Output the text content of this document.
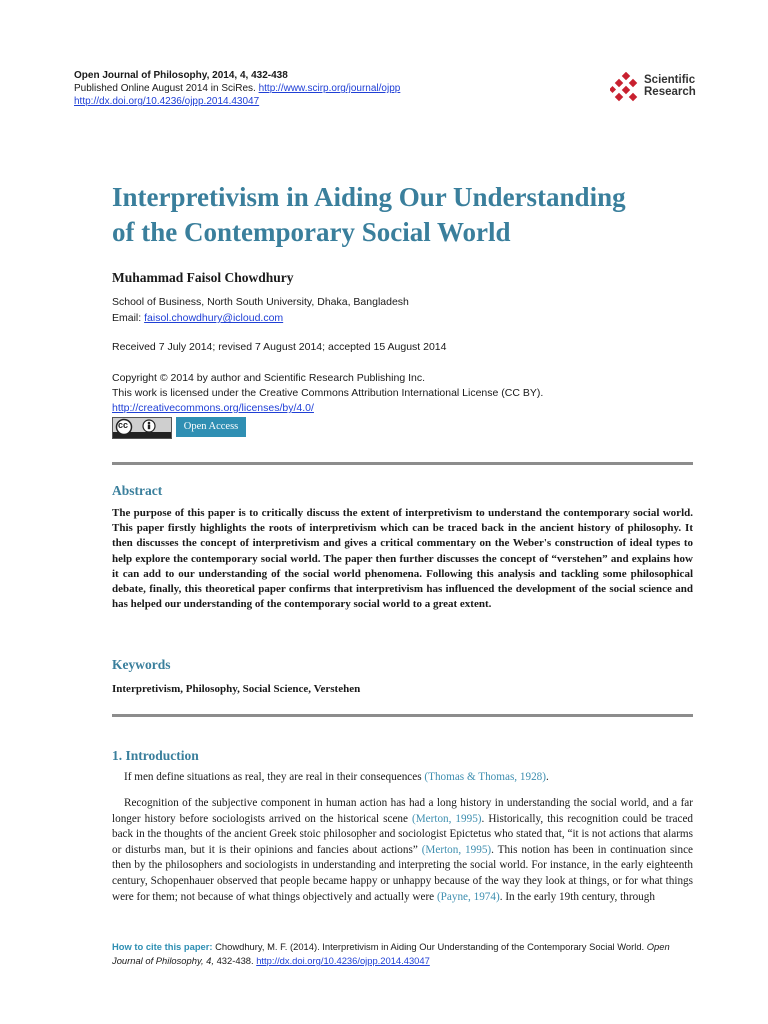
Open Journal of Philosophy, 2014, 4, 432-438
Published Online August 2014 in SciRes. http://www.scirp.org/journal/ojpp
http://dx.doi.org/10.4236/ojpp.2014.43047
Scientific
Research
Interpretivism in Aiding Our Understanding
of the Contemporary Social World
Muhammad Faisol Chowdhury
School of Business, North South University, Dhaka, Bangladesh
Email: faisol.chowdhury@icloud.com
Received 7 July 2014; revised 7 August 2014; accepted 15 August 2014
Copyright © 2014 by author and Scientific Research Publishing Inc.
This work is licensed under the Creative Commons Attribution International License (CC BY).
http://creativecommons.org/licenses/by/4.0/
cc	Open Access
Abstract
The purpose of this paper is to critically discuss the extent of interpretivism to understand the contemporary social world. This paper firstly highlights the roots of interpretivism which can be traced back in the ancient history of philosophy. It then discusses the concept of interpretivism and gives a critical commentary on the Weber's construction of ideal types to help explore the contemporary social world. The paper then further discusses the concept of “verstehen” and explains how it can add to our understanding of the social world phenomena. Following this analysis and tackling some philosophical debate, finally, this theoretical paper confirms that interpretivism has influenced the development of the social science and has helped our understanding of the contemporary social world to a great extent.
Keywords
Interpretivism, Philosophy, Social Science, Verstehen
1. Introduction
If men define situations as real, they are real in their consequences (Thomas & Thomas, 1928).
Recognition of the subjective component in human action has had a long history in understanding the social world, and a far longer history before sociologists arrived on the historical scene (Merton, 1995). Historically, this recognition could be traced back in the thoughts of the ancient Greek stoic philosopher and sociologist Epictetus who stated that, “it is not actions that alarms or disturbs man, but it is their opinions and fancies about actions” (Merton, 1995). This notion has been in continuation since then by the philosophers and sociologists in understanding and interpreting the social world. For instance, in the early eighteenth century, Schopenhauer observed that people became happy or unhappy because of the way they look at things, or for what things were for them; not because of what things objectively and actually were (Payne, 1974). In the early 19th century, through
How to cite this paper: Chowdhury, M. F. (2014). Interpretivism in Aiding Our Understanding of the Contemporary Social World. Open Journal of Philosophy, 4, 432-438. http://dx.doi.org/10.4236/ojpp.2014.43047
